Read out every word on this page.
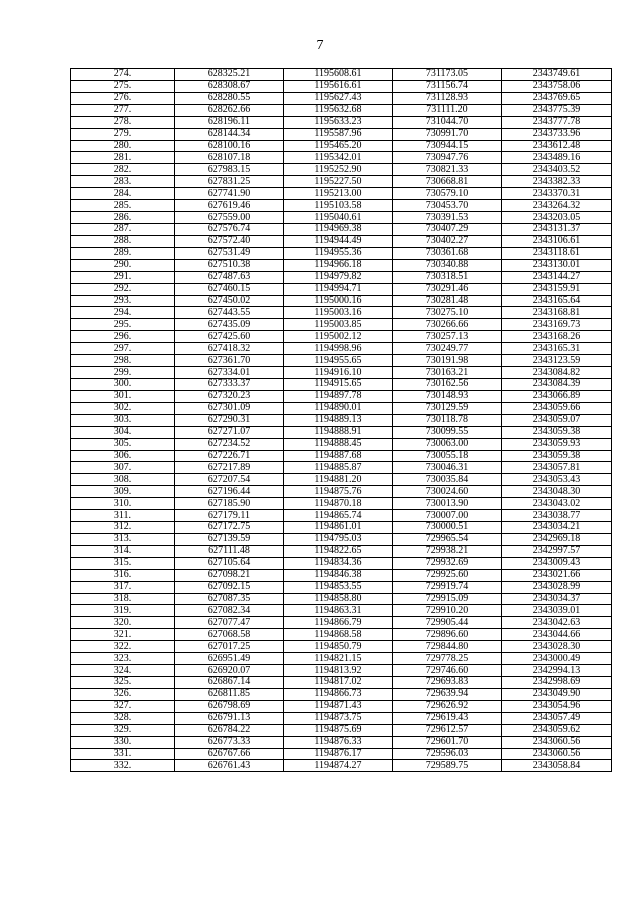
7
274.	628325.21	1195608.61	731173.05	2343749.61
275.	628308.67	1195616.61	731156.74	2343758.06
276.	628280.55	1195627.43	731128.93	2343769.65
277.	628262.66	1195632.68	731111.20	2343775.39
278.	628196.11	1195633.23	731044.70	2343777.78
279.	628144.34	1195587.96	730991.70	2343733.96
280.	628100.16	1195465.20	730944.15	2343612.48
281.	628107.18	1195342.01	730947.76	2343489.16
282.	627983.15	1195252.90	730821.33	2343403.52
283.	627831.25	1195227.50	730668.81	2343382.33
284.	627741.90	1195213.00	730579.10	2343370.31
285.	627619.46	1195103.58	730453.70	2343264.32
286.	627559.00	1195040.61	730391.53	2343203.05
287.	627576.74	1194969.38	730407.29	2343131.37
288.	627572.40	1194944.49	730402.27	2343106.61
289.	627531.49	1194955.36	730361.68	2343118.61
290.	627510.38	1194966.18	730340.88	2343130.01
291.	627487.63	1194979.82	730318.51	2343144.27
292.	627460.15	1194994.71	730291.46	2343159.91
293.	627450.02	1195000.16	730281.48	2343165.64
294.	627443.55	1195003.16	730275.10	2343168.81
295.	627435.09	1195003.85	730266.66	2343169.73
296.	627425.60	1195002.12	730257.13	2343168.26
297.	627418.32	1194998.96	730249.77	2343165.31
298.	627361.70	1194955.65	730191.98	2343123.59
299.	627334.01	1194916.10	730163.21	2343084.82
300.	627333.37	1194915.65	730162.56	2343084.39
301.	627320.23	1194897.78	730148.93	2343066.89
302.	627301.09	1194890.01	730129.59	2343059.66
303.	627290.31	1194889.13	730118.78	2343059.07
304.	627271.07	1194888.91	730099.55	2343059.38
305.	627234.52	1194888.45	730063.00	2343059.93
306.	627226.71	1194887.68	730055.18	2343059.38
307.	627217.89	1194885.87	730046.31	2343057.81
308.	627207.54	1194881.20	730035.84	2343053.43
309.	627196.44	1194875.76	730024.60	2343048.30
310.	627185.90	1194870.18	730013.90	2343043.02
311.	627179.11	1194865.74	730007.00	2343038.77
312.	627172.75	1194861.01	730000.51	2343034.21
313.	627139.59	1194795.03	729965.54	2342969.18
314.	627111.48	1194822.65	729938.21	2342997.57
315.	627105.64	1194834.36	729932.69	2343009.43
316.	627098.21	1194846.38	729925.60	2343021.66
317.	627092.15	1194853.55	729919.74	2343028.99
318.	627087.35	1194858.80	729915.09	2343034.37
319.	627082.34	1194863.31	729910.20	2343039.01
320.	627077.47	1194866.79	729905.44	2343042.63
321.	627068.58	1194868.58	729896.60	2343044.66
322.	627017.25	1194850.79	729844.80	2343028.30
323.	626951.49	1194821.15	729778.25	2343000.49
324.	626920.07	1194813.92	729746.60	2342994.13
325.	626867.14	1194817.02	729693.83	2342998.69
326.	626811.85	1194866.73	729639.94	2343049.90
327.	626798.69	1194871.43	729626.92	2343054.96
328.	626791.13	1194873.75	729619.43	2343057.49
329.	626784.22	1194875.69	729612.57	2343059.62
330.	626773.33	1194876.33	729601.70	2343060.56
331.	626767.66	1194876.17	729596.03	2343060.56
332.	626761.43	1194874.27	729589.75	2343058.84
